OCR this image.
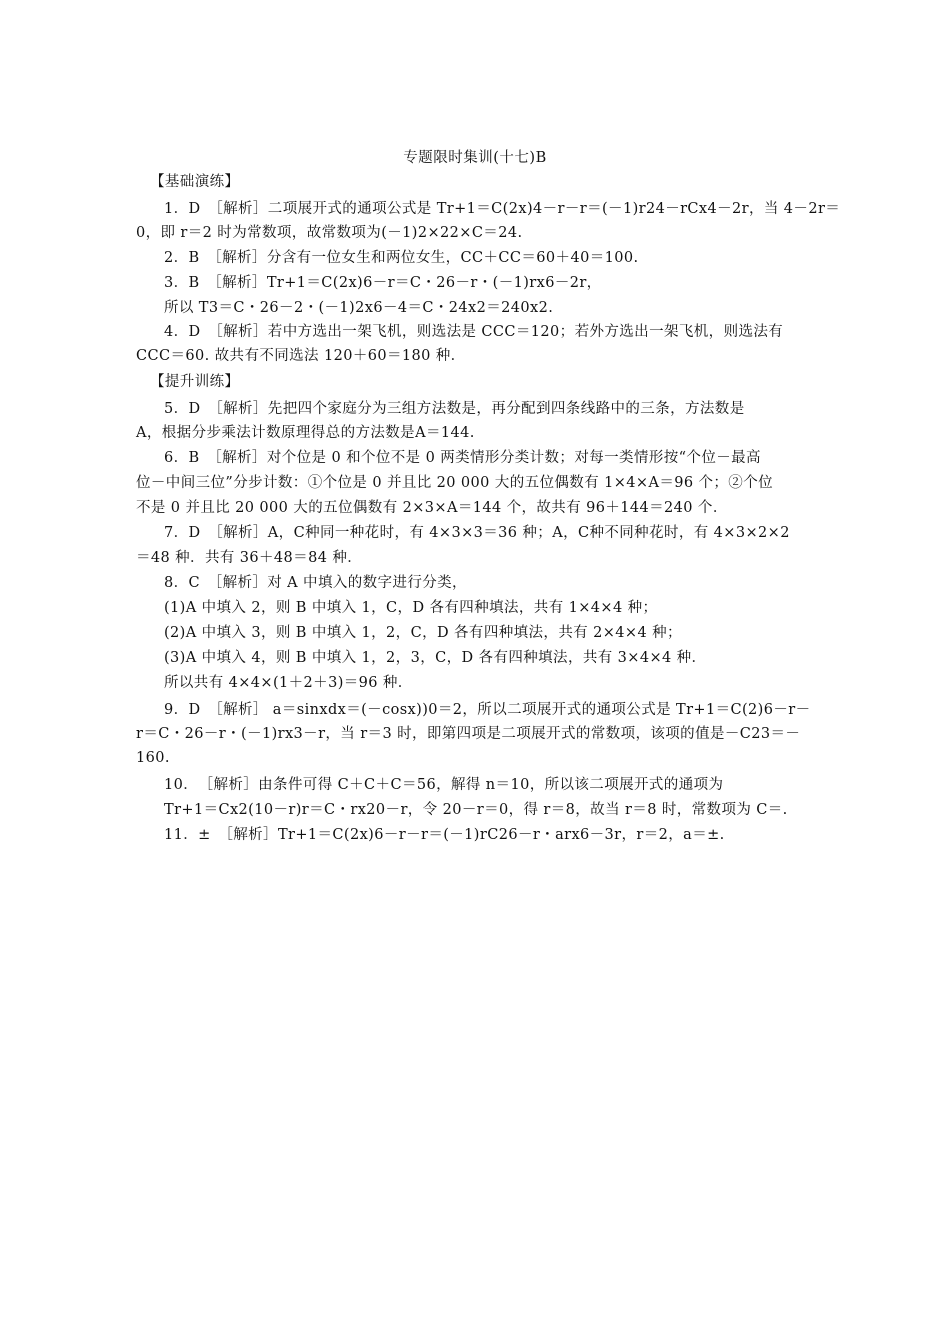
专题限时集训(十七)B
【基础演练】
1．D　［解析］二项展开式的通项公式是 Tr+1＝C(2x)4－r－r＝(－1)r24－rCx4－2r，当 4－2r＝
0，即 r＝2 时为常数项，故常数项为(－1)2×22×C＝24.
2．B　［解析］分含有一位女生和两位女生，CC＋CC＝60＋40＝100.
3．B　［解析］Tr+1＝C(2x)6－r＝C・26－r・(－1)rx6－2r，
所以 T3＝C・26－2・(－1)2x6－4＝C・24x2＝240x2.
4．D　［解析］若中方选出一架飞机，则选法是 CCC＝120；若外方选出一架飞机，则选法有
CCC＝60. 故共有不同选法 120＋60＝180 种．
【提升训练】
5．D　［解析］先把四个家庭分为三组方法数是，再分配到四条线路中的三条，方法数是
A，根据分步乘法计数原理得总的方法数是A＝144.
6．B　［解析］对个位是 0 和个位不是 0 两类情形分类计数；对每一类情形按“个位－最高
位－中间三位”分步计数：①个位是 0 并且比 20 000 大的五位偶数有 1×4×A＝96 个；②个位
不是 0 并且比 20 000 大的五位偶数有 2×3×A＝144 个，故共有 96＋144＝240 个．
7．D　［解析］A，C种同一种花时，有 4×3×3＝36 种；A，C种不同种花时，有 4×3×2×2
＝48 种．共有 36＋48＝84 种．
8．C　［解析］对 A 中填入的数字进行分类，
(1)A 中填入 2，则 B 中填入 1，C，D 各有四种填法，共有 1×4×4 种；
(2)A 中填入 3，则 B 中填入 1，2，C，D 各有四种填法，共有 2×4×4 种；
(3)A 中填入 4，则 B 中填入 1，2，3，C，D 各有四种填法，共有 3×4×4 种．
所以共有 4×4×(1＋2＋3)＝96 种．
9．D　［解析］ a＝sinxdx＝(－cosx))0＝2，所以二项展开式的通项公式是 Tr+1＝C(2)6－r－
r＝C・26－r・(－1)rx3－r，当 r＝3 时，即第四项是二项展开式的常数项，该项的值是－C23＝－
160.
10．　［解析］由条件可得 C＋C＋C＝56，解得 n＝10，所以该二项展开式的通项为
Tr+1＝Cx2(10－r)r＝C・rx20－r，令 20－r＝0，得 r＝8，故当 r＝8 时，常数项为 C＝.
11．±　［解析］Tr+1＝C(2x)6－r－r＝(－1)rC26－r・arx6－3r，r＝2，a＝±.
